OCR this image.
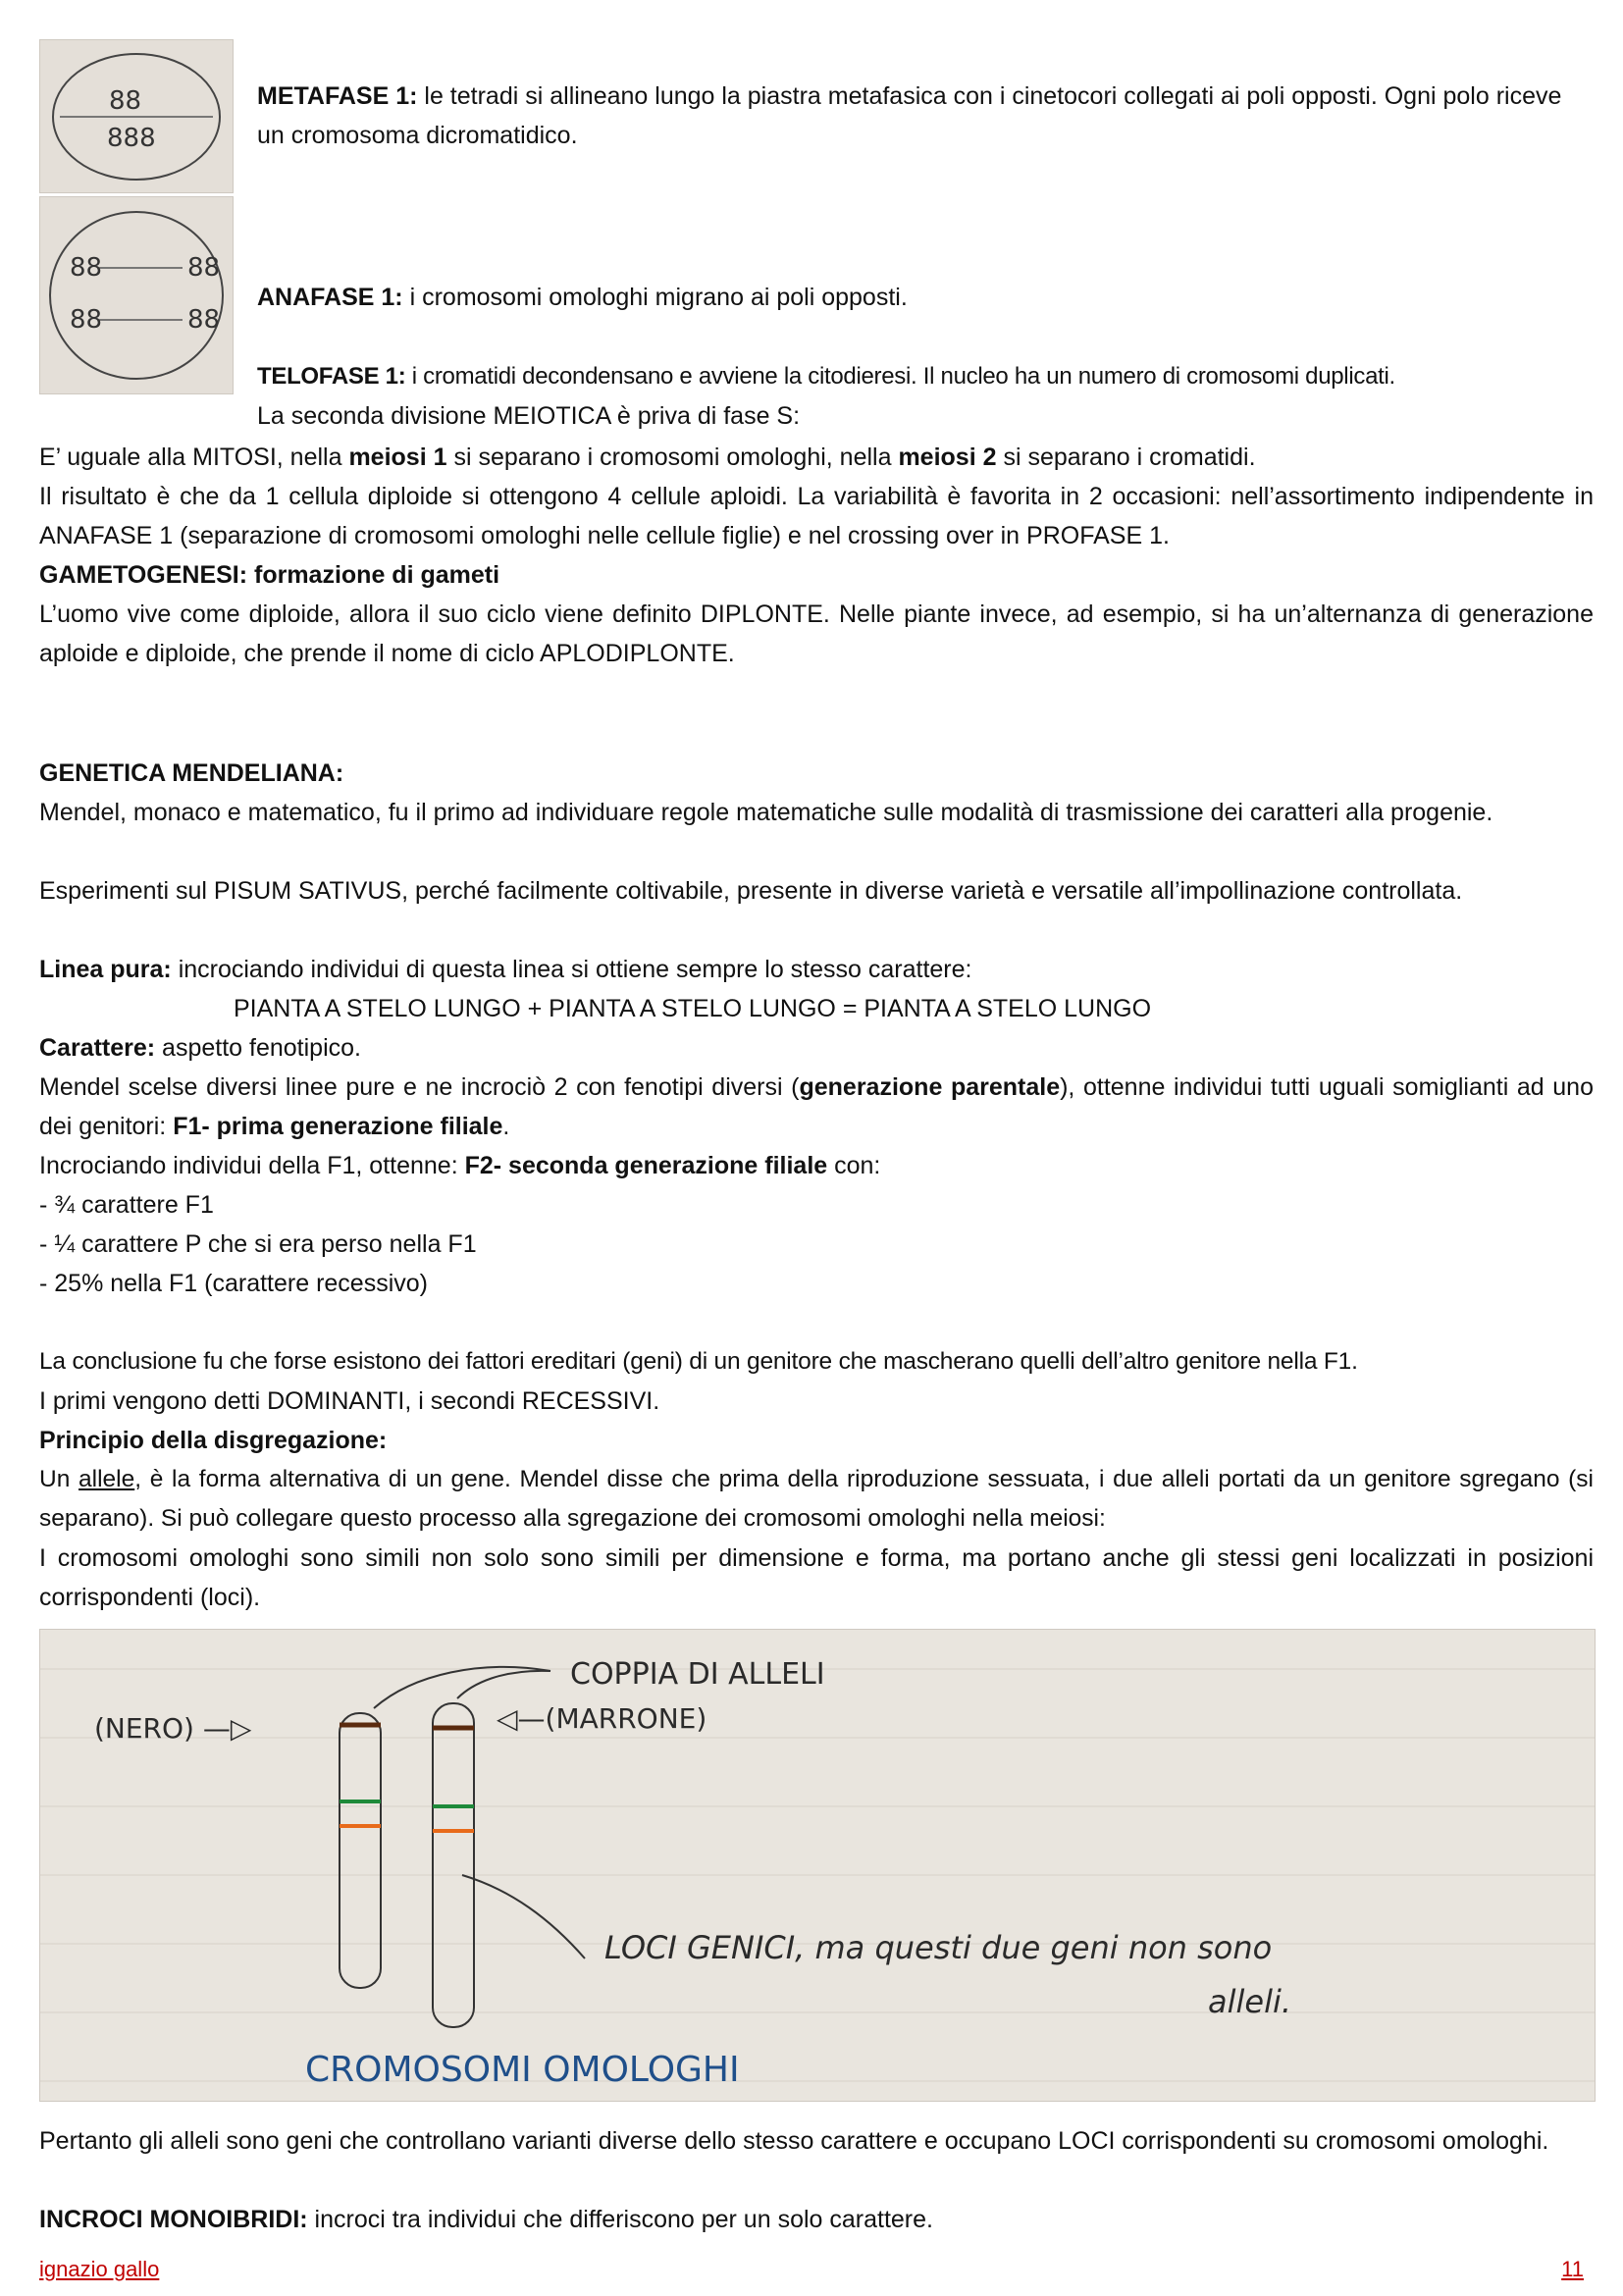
88
888
88	88
88	88

METAFASE 1: le tetradi si allineano lungo la piastra metafasica con i cinetocori collegati ai poli opposti. Ogni polo riceve un cromosoma dicromatidico.

ANAFASE 1: i cromosomi omologhi migrano ai poli opposti.

TELOFASE 1: i cromatidi decondensano e avviene la citodieresi. Il nucleo ha un numero di cromosomi duplicati.

La seconda divisione MEIOTICA è priva di fase S:

E’ uguale alla MITOSI, nella meiosi 1 si separano i cromosomi omologhi, nella meiosi 2 si separano i cromatidi.

Il risultato è che da 1 cellula diploide si ottengono 4 cellule aploidi. La variabilità è favorita in 2 occasioni: nell’assortimento indipendente in ANAFASE 1 (separazione di cromosomi omologhi nelle cellule figlie) e nel crossing over in PROFASE 1.

GAMETOGENESI: formazione di gameti

L’uomo vive come diploide, allora il suo ciclo viene definito DIPLONTE. Nelle piante invece, ad esempio, si ha un’alternanza di generazione aploide e diploide, che prende il nome di ciclo APLODIPLONTE.

GENETICA MENDELIANA:

Mendel, monaco e matematico, fu il primo ad individuare regole matematiche sulle modalità di trasmissione dei caratteri alla progenie.

Esperimenti sul PISUM SATIVUS, perché facilmente coltivabile, presente in diverse varietà e versatile all’impollinazione controllata.

Linea pura: incrociando individui di questa linea si ottiene sempre lo stesso carattere:

PIANTA A STELO LUNGO + PIANTA A STELO LUNGO = PIANTA A STELO LUNGO

Carattere: aspetto fenotipico.

Mendel scelse diversi linee pure e ne incrociò 2 con fenotipi diversi (generazione parentale), ottenne individui tutti uguali somiglianti ad uno dei genitori: F1- prima generazione filiale.

Incrociando individui della F1, ottenne: F2- seconda generazione filiale con:

- ¾ carattere F1

- ¼ carattere P che si era perso nella F1

- 25% nella F1 (carattere recessivo)

La conclusione fu che forse esistono dei fattori ereditari (geni) di un genitore che mascherano quelli dell’altro genitore nella F1.

I primi vengono detti DOMINANTI, i secondi RECESSIVI.

Principio della disgregazione:

Un allele, è la forma alternativa di un gene. Mendel disse che prima della riproduzione sessuata, i due alleli portati da un genitore sgregano (si separano). Si può collegare questo processo alla sgregazione dei cromosomi omologhi nella meiosi:

I cromosomi omologhi sono simili non solo sono simili per dimensione e forma, ma portano anche gli stessi geni localizzati in posizioni corrispondenti (loci).

COPPIA DI ALLELI
(NERO) —▷	◁—(MARRONE)
LOCI GENICI, ma questi due geni non sono
alleli.
CROMOSOMI OMOLOGHI

Pertanto gli alleli sono geni che controllano varianti diverse dello stesso carattere e occupano LOCI corrispondenti su cromosomi omologhi.

INCROCI MONOIBRIDI: incroci tra individui che differiscono per un solo carattere.

ignazio gallo	11
